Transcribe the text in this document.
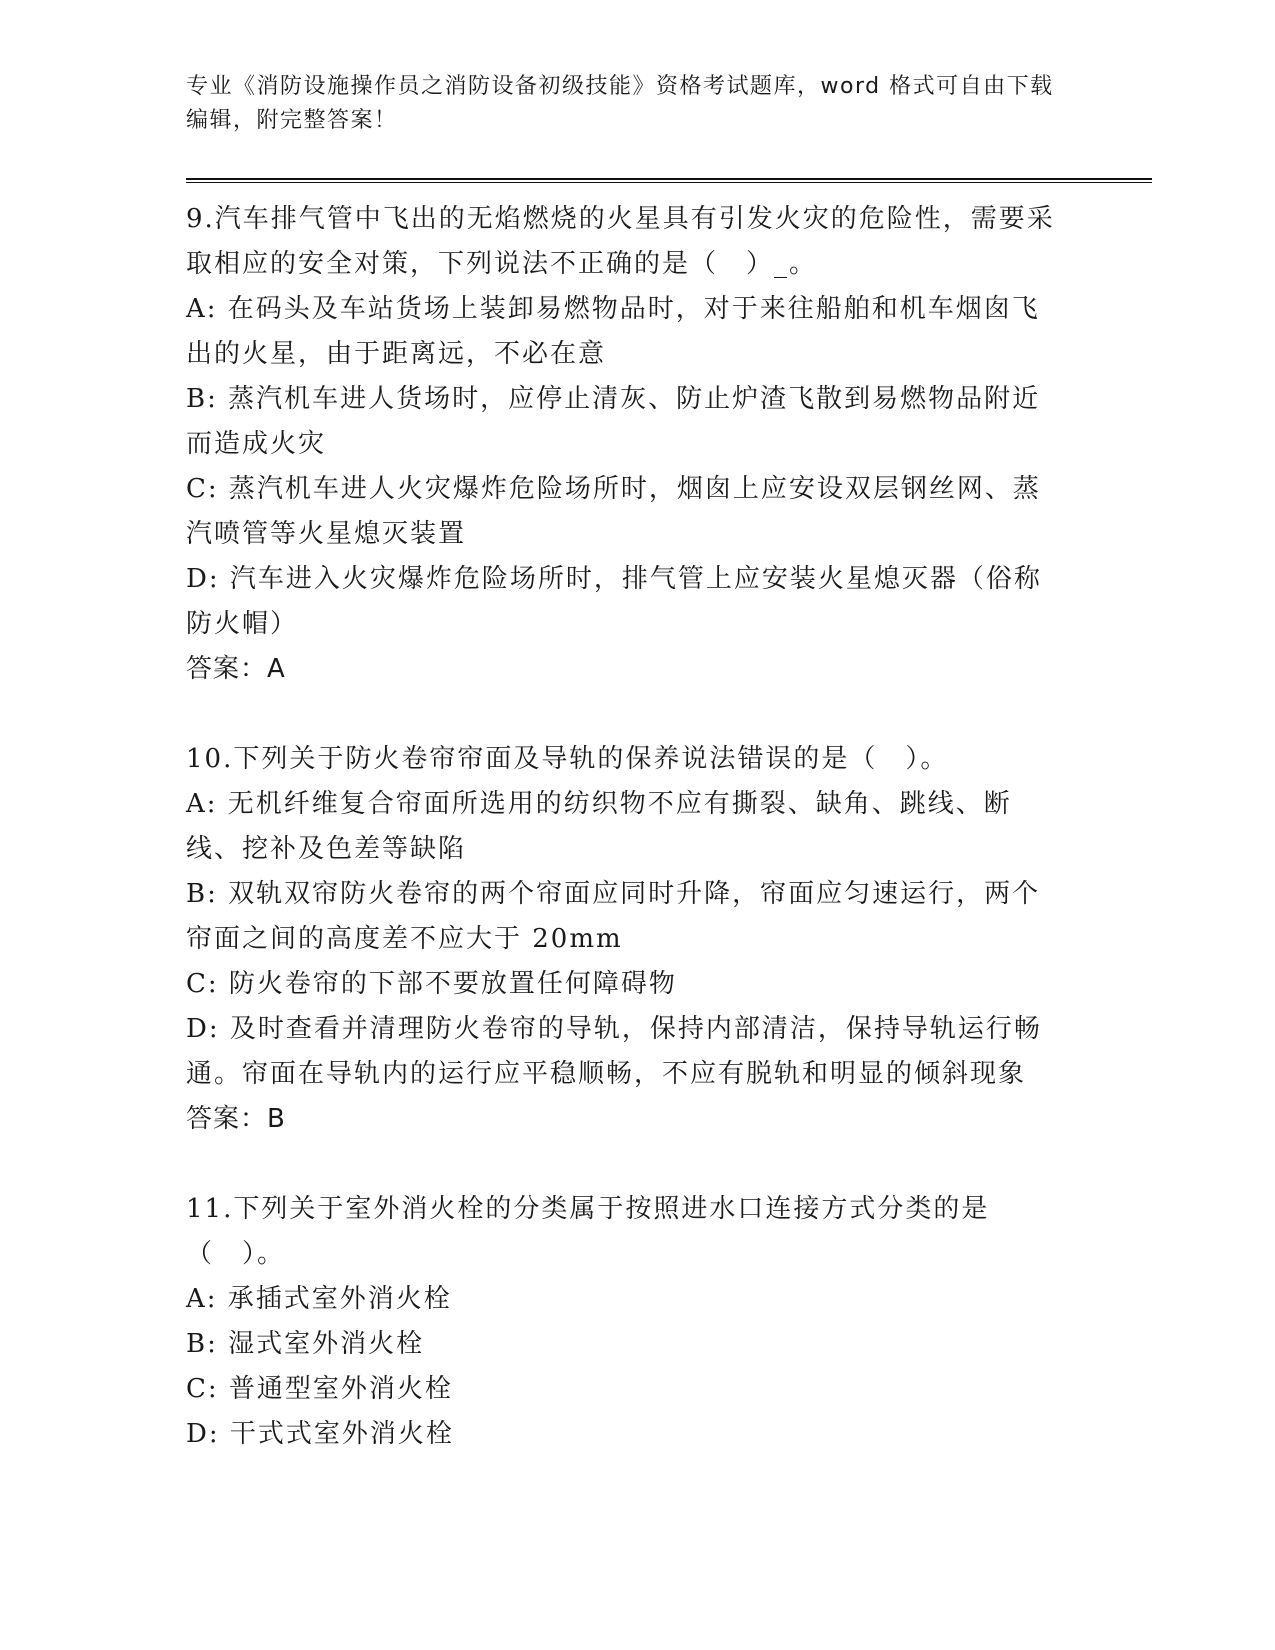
专业《消防设施操作员之消防设备初级技能》资格考试题库，word 格式可自由下载编辑，附完整答案！

9.汽车排气管中飞出的无焰燃烧的火星具有引发火灾的危险性，需要采取相应的安全对策，下列说法不正确的是（　）_。

A: 在码头及车站货场上装卸易燃物品时，对于来往船舶和机车烟囱飞出的火星，由于距离远，不必在意

B: 蒸汽机车进人货场时，应停止清灰、防止炉渣飞散到易燃物品附近而造成火灾

C: 蒸汽机车进人火灾爆炸危险场所时，烟囱上应安设双层钢丝网、蒸汽喷管等火星熄灭装置

D: 汽车进入火灾爆炸危险场所时，排气管上应安装火星熄灭器（俗称防火帽）

答案：A

10.下列关于防火卷帘帘面及导轨的保养说法错误的是（　）。

A: 无机纤维复合帘面所选用的纺织物不应有撕裂、缺角、跳线、断线、挖补及色差等缺陷

B: 双轨双帘防火卷帘的两个帘面应同时升降，帘面应匀速运行，两个帘面之间的高度差不应大于 20mm

C: 防火卷帘的下部不要放置任何障碍物

D: 及时查看并清理防火卷帘的导轨，保持内部清洁，保持导轨运行畅通。帘面在导轨内的运行应平稳顺畅，不应有脱轨和明显的倾斜现象

答案：B

11.下列关于室外消火栓的分类属于按照进水口连接方式分类的是（　）。

A: 承插式室外消火栓

B: 湿式室外消火栓

C: 普通型室外消火栓

D: 干式式室外消火栓
